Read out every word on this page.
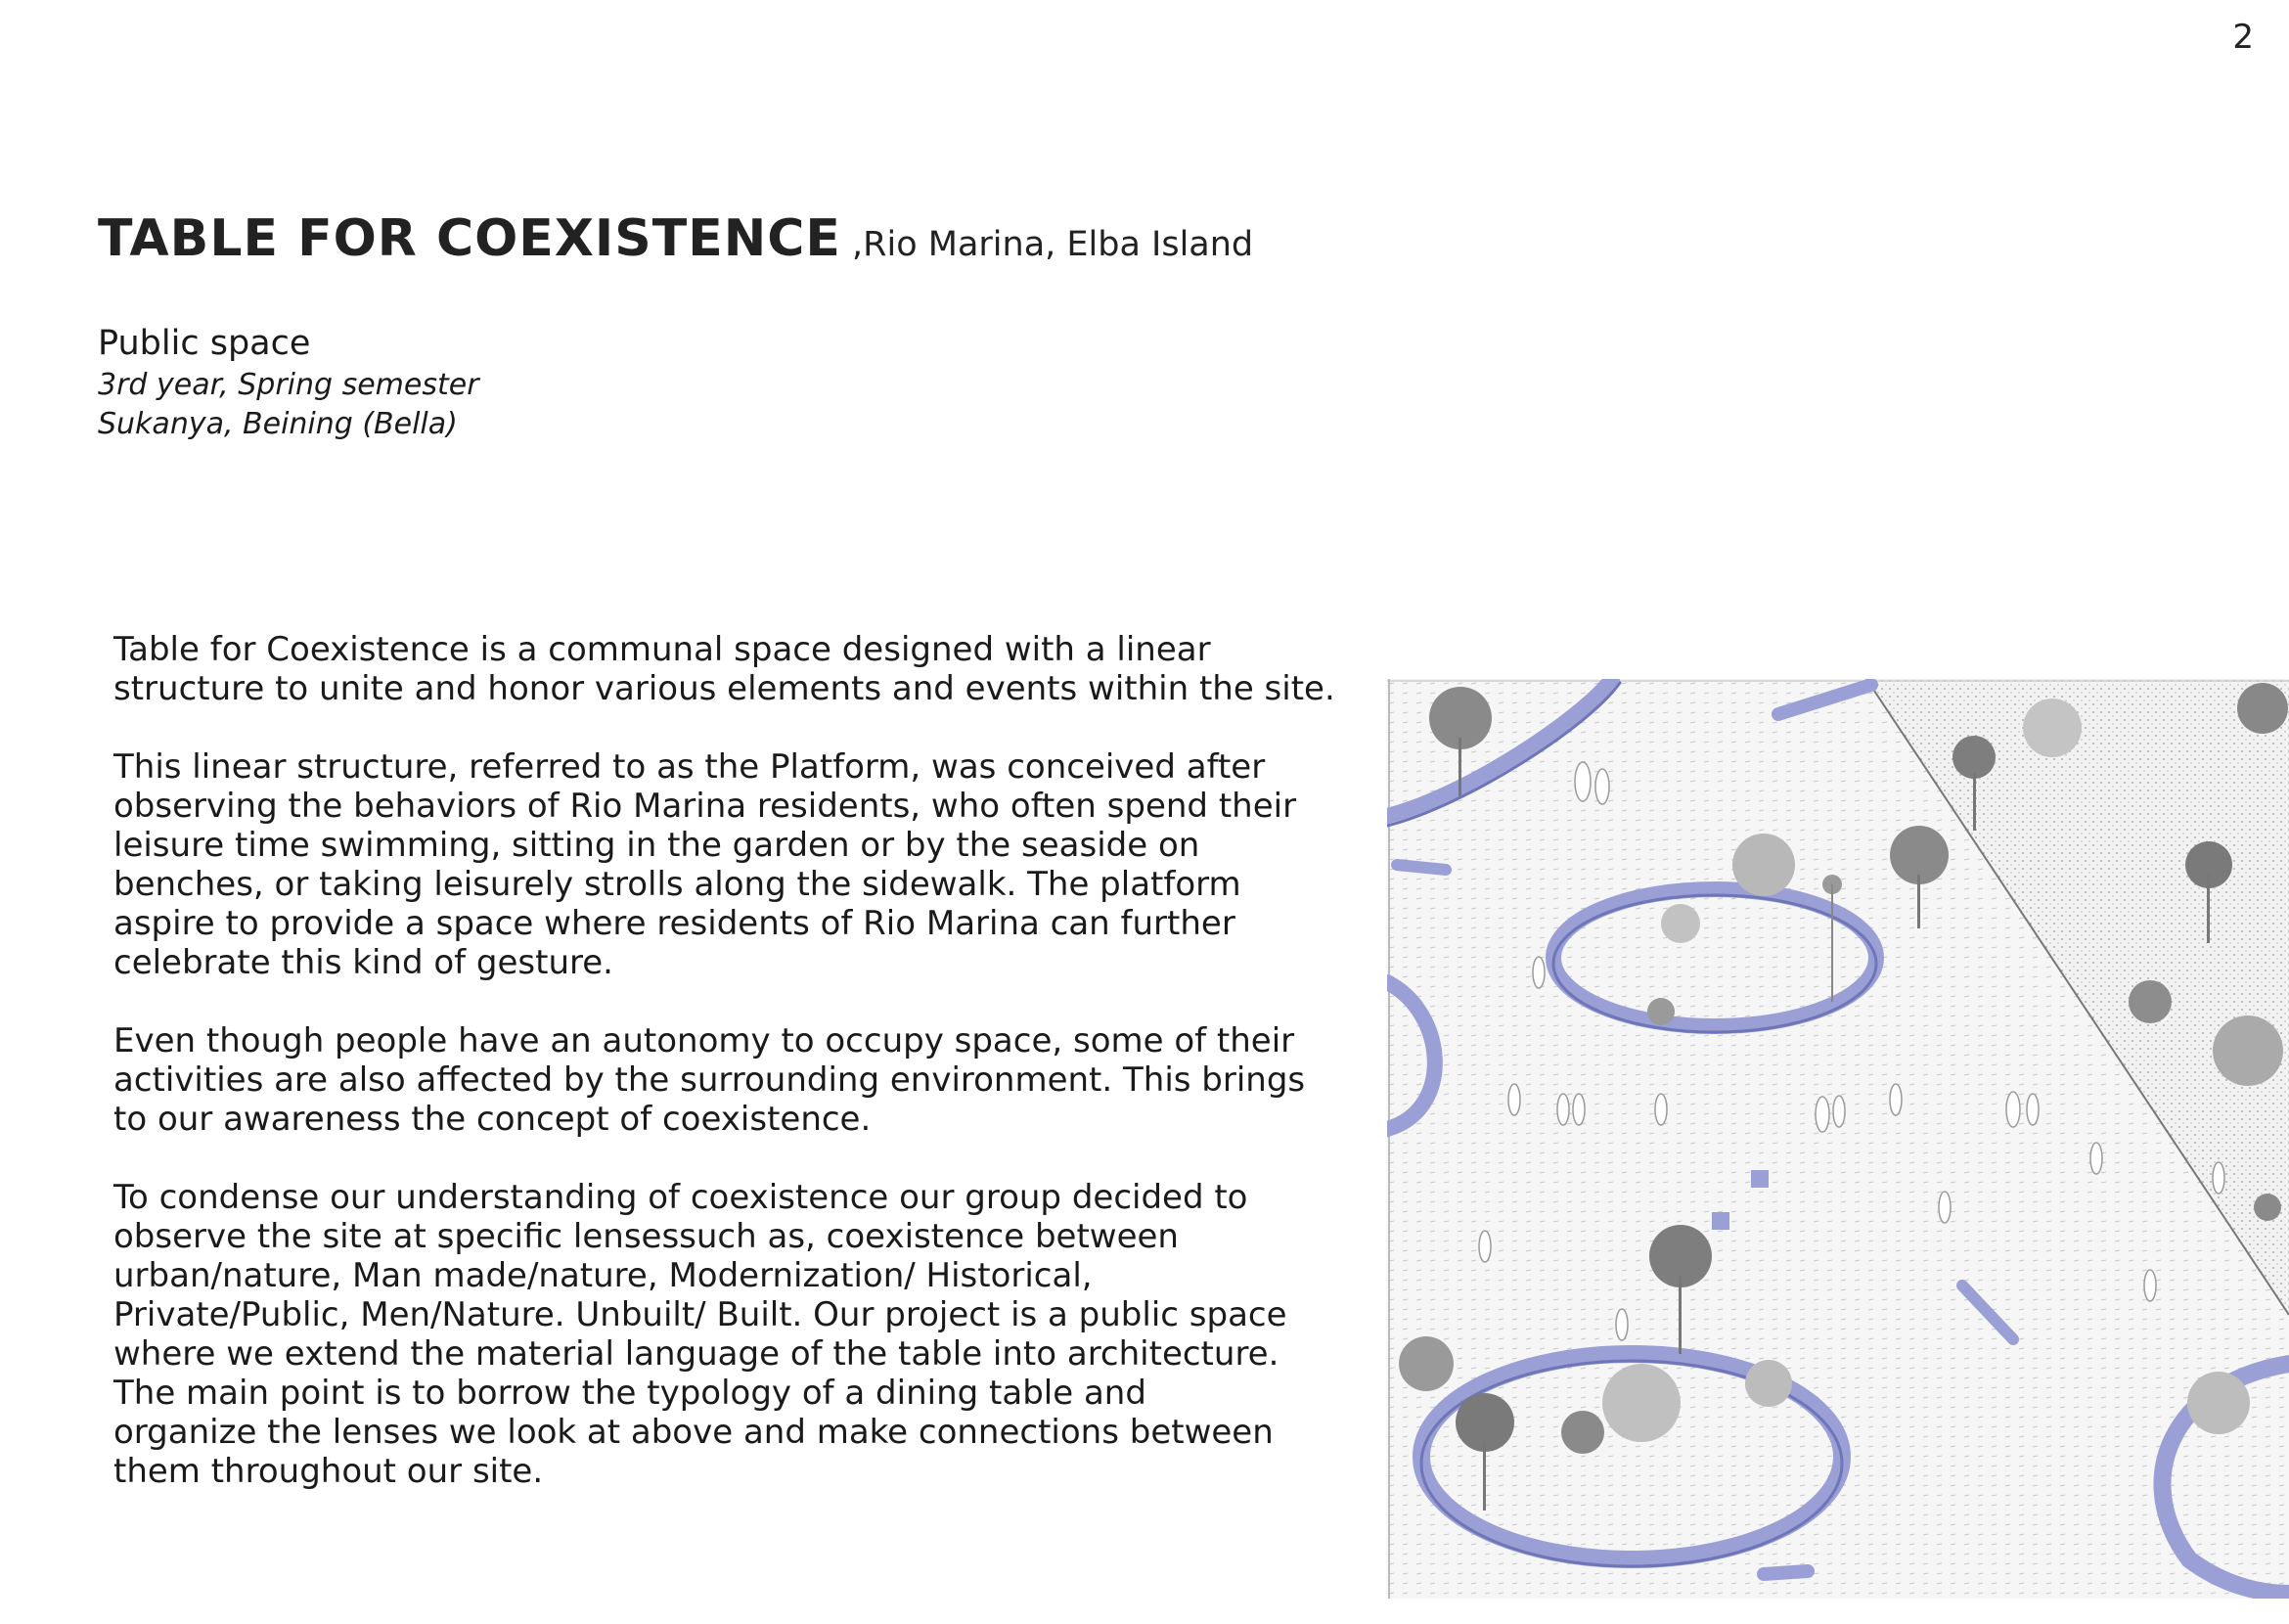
2
TABLE FOR COEXISTENCE ,Rio Marina, Elba Island
Public space
3rd year, Spring semester
Sukanya, Beining (Bella)

Table for Coexistence is a communal space designed with a linear
structure to unite and honor various elements and events within the site.

This linear structure, referred to as the Platform, was conceived after
observing the behaviors of Rio Marina residents, who often spend their
leisure time swimming, sitting in the garden or by the seaside on
benches, or taking leisurely strolls along the sidewalk. The platform
aspire to provide a space where residents of Rio Marina can further
celebrate this kind of gesture.

Even though people have an autonomy to occupy space, some of their
activities are also affected by the surrounding environment. This brings
to our awareness the concept of coexistence.

To condense our understanding of coexistence our group decided to
observe the site at specific lensessuch as, coexistence between
urban/nature, Man made/nature, Modernization/ Historical,
Private/Public, Men/Nature. Unbuilt/ Built. Our project is a public space
where we extend the material language of the table into architecture.
The main point is to borrow the typology of a dining table and
organize the lenses we look at above and make connections between
them throughout our site.
